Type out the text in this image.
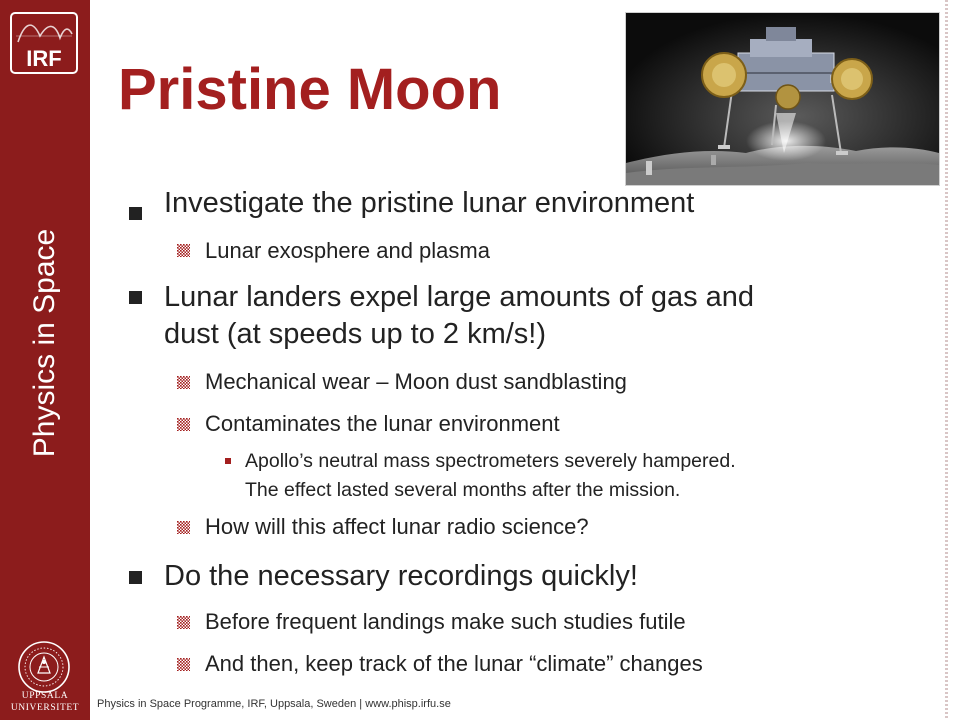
IRF
Physics in Space
UPPSALA
UNIVERSITET
Pristine Moon
Investigate the pristine lunar environment
Lunar exosphere and plasma
Lunar landers expel large amounts of gas and
dust (at speeds up to 2 km/s!)
Mechanical wear – Moon dust sandblasting
Contaminates the lunar environment
Apollo’s neutral mass spectrometers severely hampered.
The effect lasted several months after the mission.
How will this affect lunar radio science?
Do the necessary recordings quickly!
Before frequent landings make such studies futile
And then, keep track of the lunar “climate” changes
Physics in Space Programme, IRF, Uppsala, Sweden | www.phisp.irfu.se
